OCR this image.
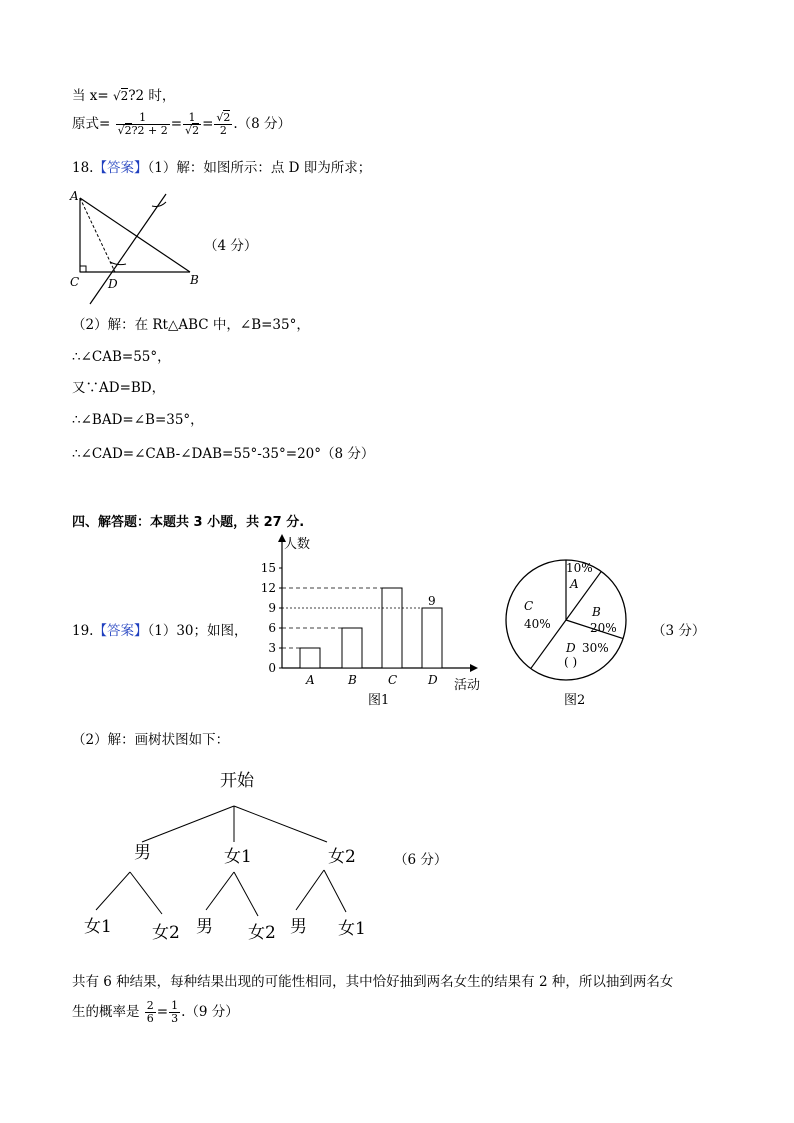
当 x= √2?2 时，
原式= $\frac{1}{√2?2 + 2} = \frac{1}{√2} = \frac{√2}{2} .(8$ 分）
18.【答案】（1）解：如图所示：点 D 即为所求；
A
C D	B
（4 分）
（2）解：在 Rt△ABC 中，∠B=35°，
∴∠CAB=55°，
又∵AD=BD，
∴∠BAD=∠B=35°，
∴∠CAD=∠CAB-∠DAB=55°-35°=20°（8 分）
四、解答题：本题共 3 小题，共 27 分.
19.【答案】（1）30；如图，
人数
活动
图1
0
3
6
9
12
15
A	B	C	D
9
A
10%
B
20%
D 30%
C
40%
( )
图2
（3 分）
（2）解：画树状图如下：
开始
男	女1	女2
女1 女2 男 女2 男 女1
（6 分）
共有 6 种结果，每种结果出现的可能性相同，其中恰好抽到两名女生的结果有 2 种，所以抽到两名女
生的概率是 $\frac{2}{6} = \frac{1}{3} .(9$ 分）
